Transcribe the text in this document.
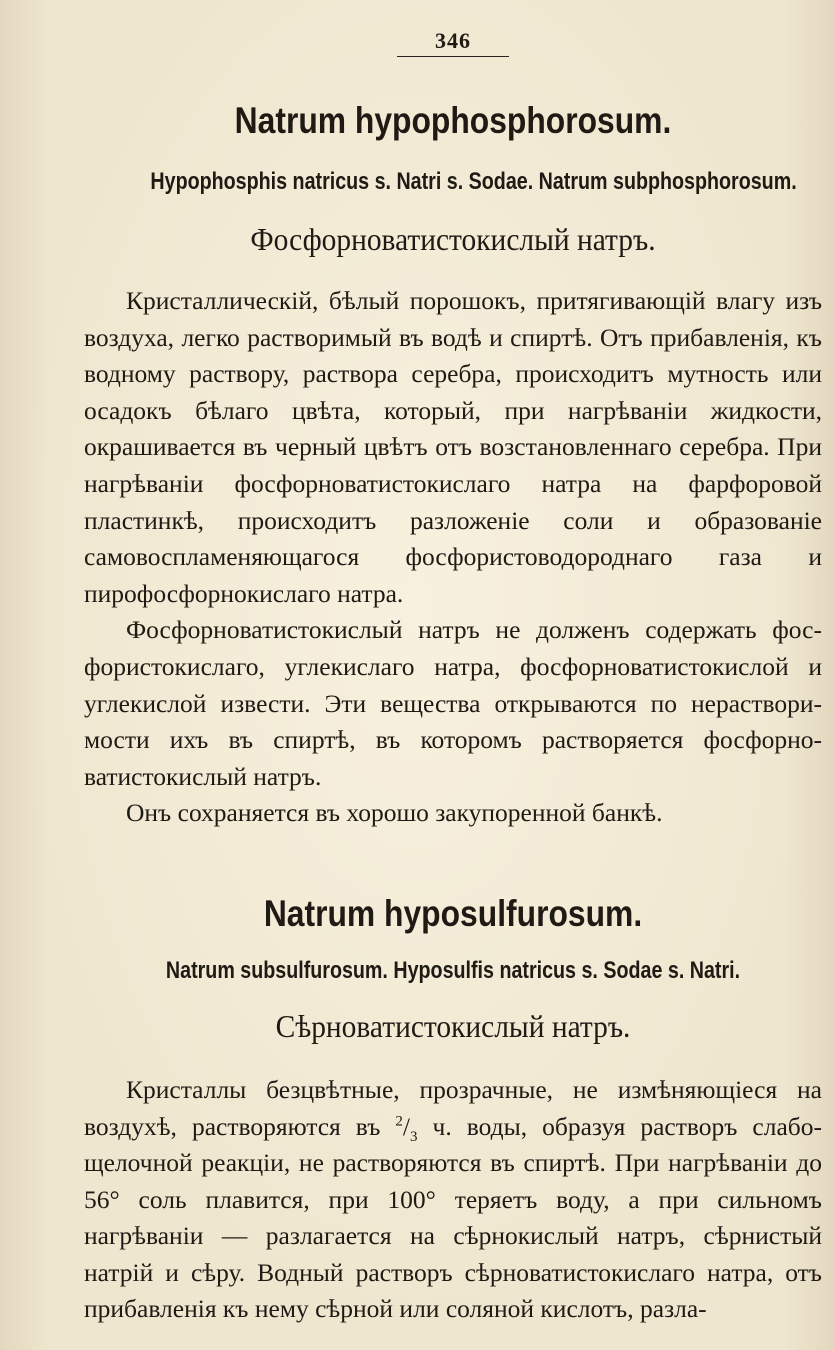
346
Natrum hypophosphorosum.
Hypophosphis natricus s. Natri s. Sodae. Natrum subphosphorosum.
Фосфорноватистокислый натръ.

Кристаллическій, бѣлый порошокъ, притягивающій влагу изъ воздуха, легко растворимый въ водѣ и спиртѣ. Отъ прибавленія, къ водному раствору, раствора серебра, происходитъ мутность или осадокъ бѣлаго цвѣта, который, при нагрѣваніи жидкости, окрашивается въ черный цвѣтъ отъ возстановленнаго серебра. При нагрѣваніи фосфорноватистокислаго натра на фарфоровой пластинкѣ, происходитъ разложеніе соли и образованіе самовоспламеняющагося фосфористоводороднаго газа и пирофосфорнокислаго натра.

Фосфорноватистокислый натръ не долженъ содержать фосфористокислаго, углекислаго натра, фосфорноватистокислой и углекислой извести. Эти вещества открываются по нерастворимости ихъ въ спиртѣ, въ которомъ растворяется фосфорноватистокислый натръ.

Онъ сохраняется въ хорошо закупоренной банкѣ.

Natrum hyposulfurosum.
Natrum subsulfurosum. Hyposulfis natricus s. Sodae s. Natri.
Сѣрноватистокислый натръ.

Кристаллы безцвѣтные, прозрачные, не измѣняющіеся на воздухѣ, растворяются въ $^2/_3$ ч. воды, образуя растворъ слабощелочной реакціи, не растворяются въ спиртѣ. При нагрѣваніи до 56° соль плавится, при 100° теряетъ воду, а при сильномъ нагрѣваніи — разлагается на сѣрнокислый натръ, сѣрнистый натрій и сѣру. Водный растворъ сѣрноватистокислаго натра, отъ прибавленія къ нему сѣрной или соляной кислотъ, разла-
